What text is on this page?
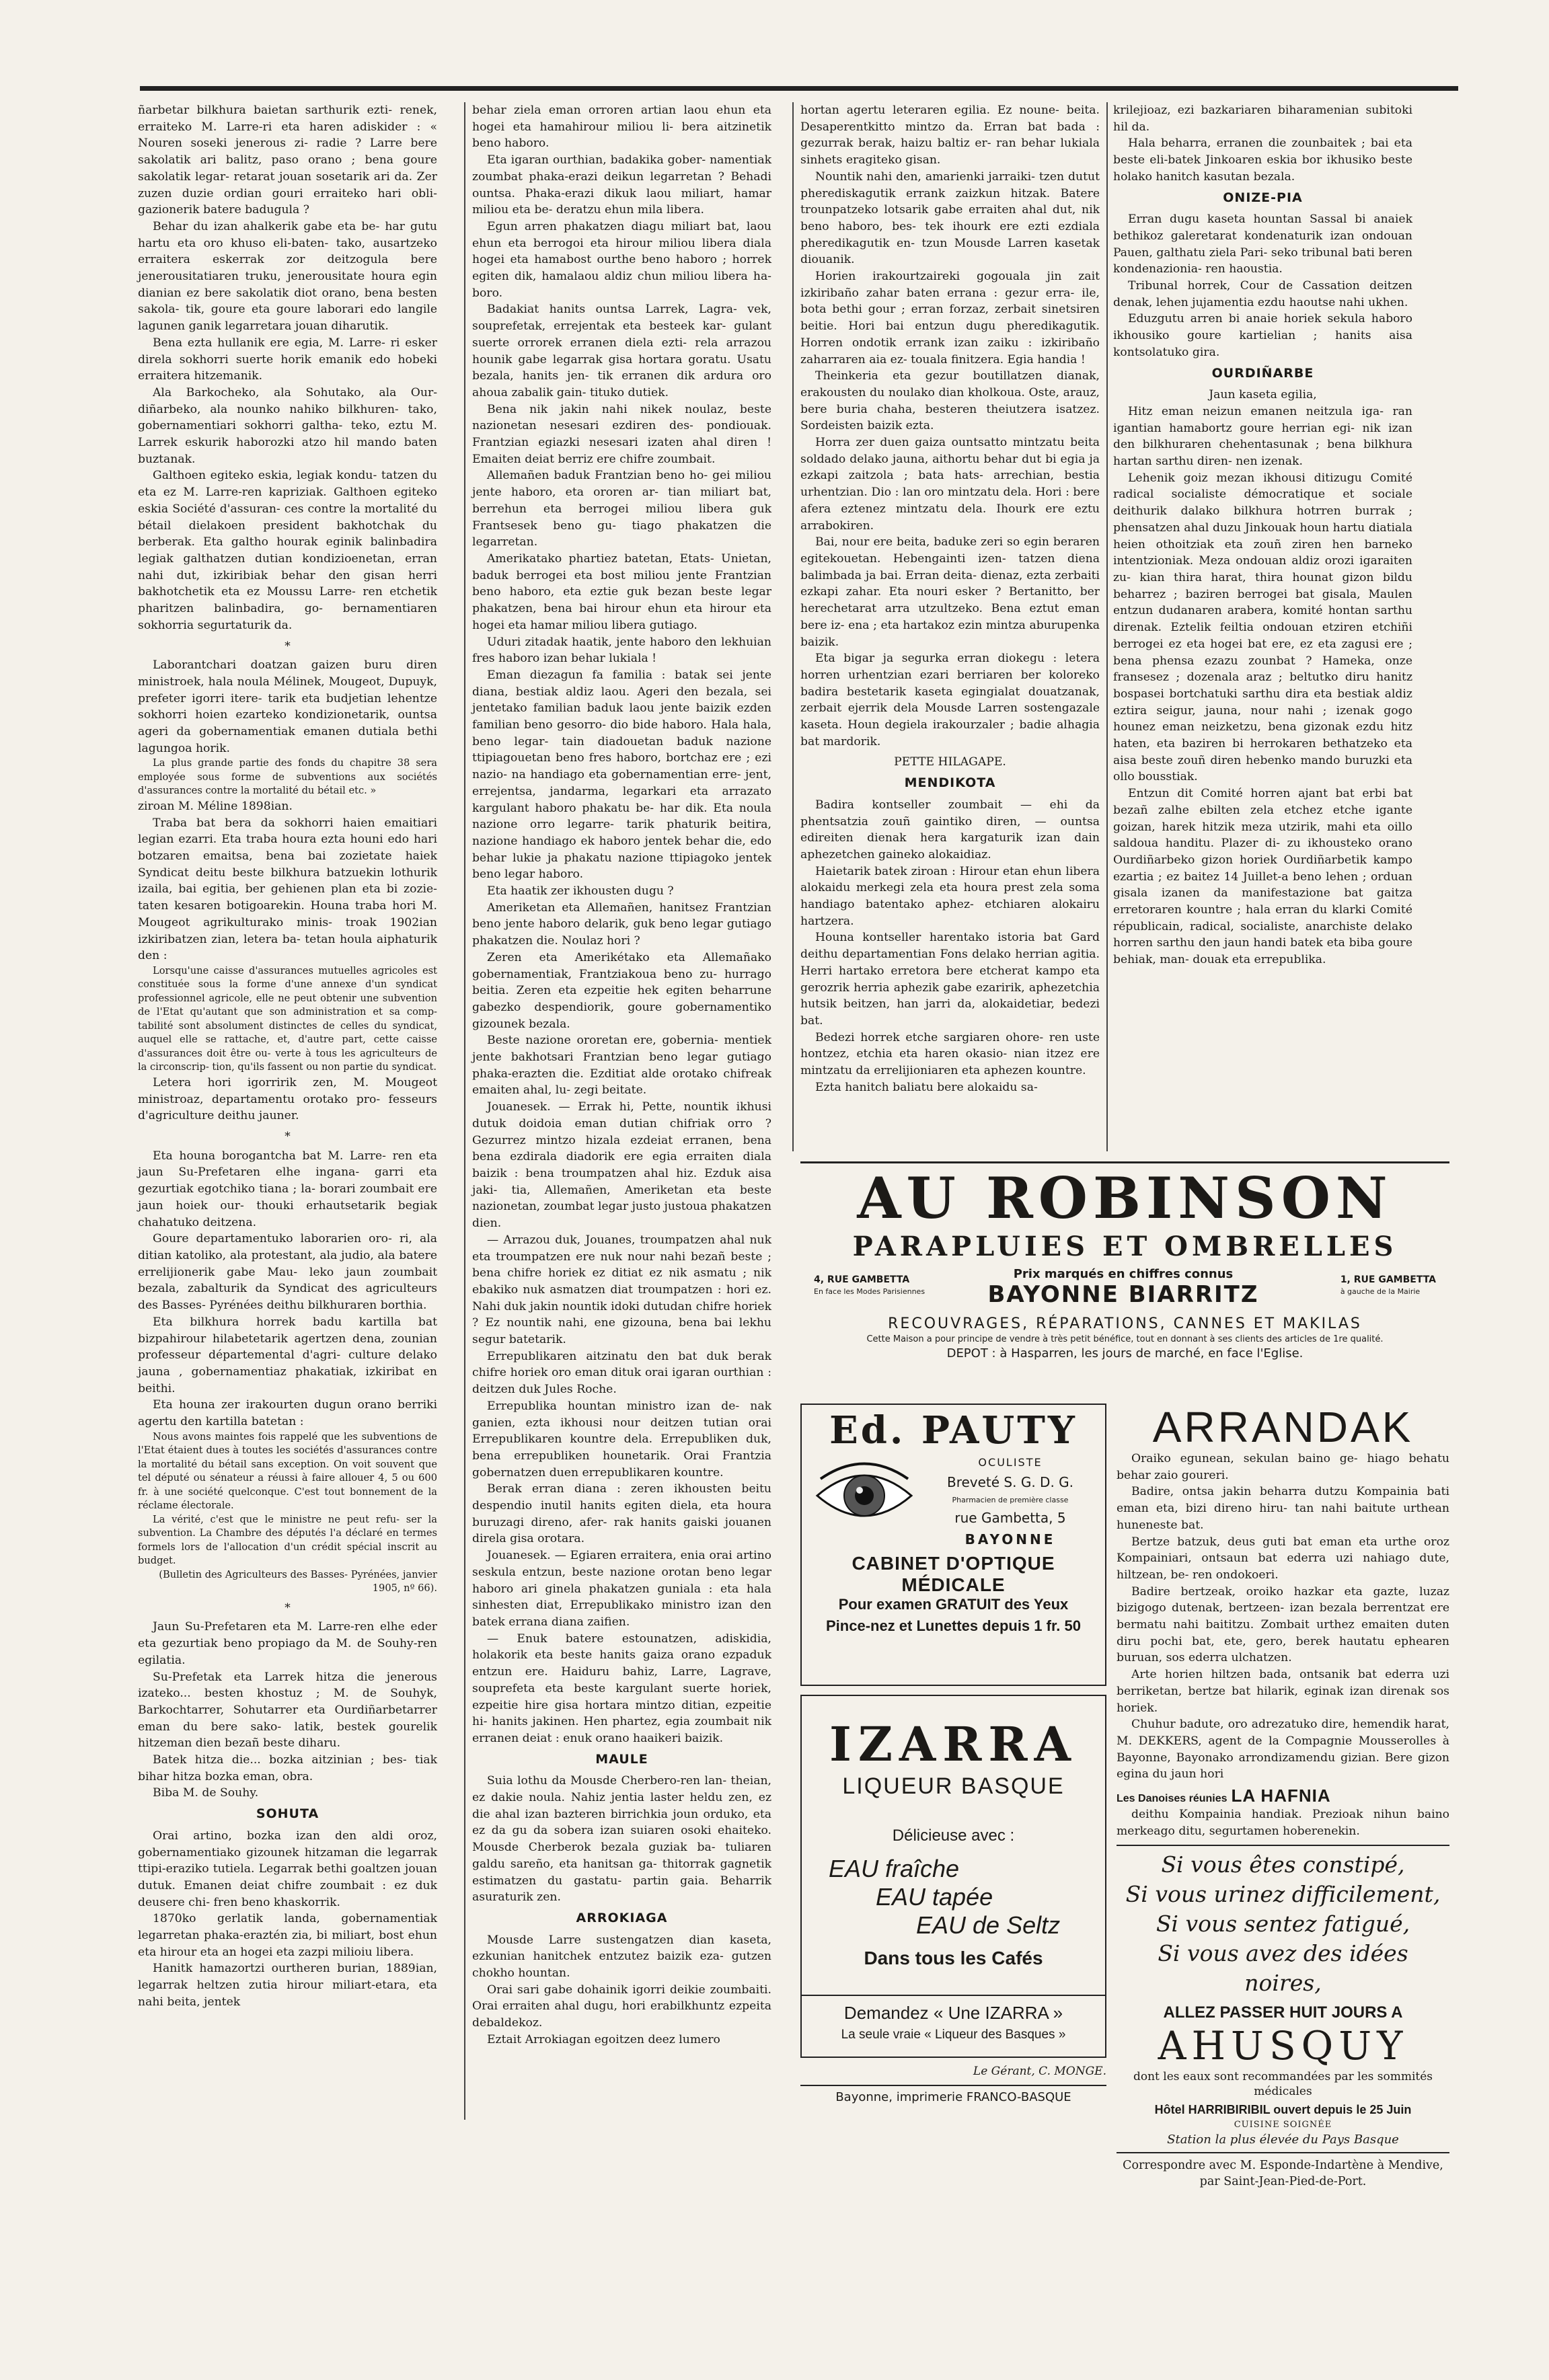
ñarbetar bilkhura baietan sarthurik ezti- renek, erraiteko M. Larre-ri eta haren adiskider : « Nouren soseki jenerous zi- radie ? Larre bere sakolatik ari balitz, paso orano ; bena goure sakolatik legar- retarat jouan sosetarik ari da. Zer zuzen duzie ordian gouri erraiteko hari obli- gazionerik batere badugula ?

Behar du izan ahalkerik gabe eta be- har gutu hartu eta oro khuso eli-baten- tako, ausartzeko erraitera eskerrak zor deitzogula bere jenerousitatiaren truku, jenerousitate houra egin dianian ez bere sakolatik diot orano, bena besten sakola- tik, goure eta goure laborari edo langile lagunen ganik legarretara jouan diharutik.

Bena ezta hullanik ere egia, M. Larre- ri esker direla sokhorri suerte horik emanik edo hobeki erraitera hitzemanik.

Ala Barkocheko, ala Sohutako, ala Our- diñarbeko, ala nounko nahiko bilkhuren- tako, gobernamentiari sokhorri galtha- teko, eztu M. Larrek eskurik haborozki atzo hil mando baten buztanak.

Galthoen egiteko eskia, legiak kondu- tatzen du eta ez M. Larre-ren kapriziak. Galthoen egiteko eskia Société d'assuran- ces contre la mortalité du bétail dielakoen president bakhotchak du berberak. Eta galtho hourak eginik balinbadira legiak galthatzen dutian kondizioenetan, erran nahi dut, izkiribiak behar den gisan herri bakhotchetik eta ez Moussu Larre- ren etchetik pharitzen balinbadira, go- bernamentiaren sokhorria segurtaturik da.

*

Laborantchari doatzan gaizen buru diren ministroek, hala noula Mélinek, Mougeot, Dupuyk, prefeter igorri itere- tarik eta budjetian lehentze sokhorri hoien ezarteko kondizionetarik, ountsa ageri da gobernamentiak emanen dutiala bethi lagungoa horik.

La plus grande partie des fonds du chapitre 38 sera employée sous forme de subventions aux sociétés d'assurances contre la mortalité du bétail etc. »

ziroan M. Méline 1898ian.

Traba bat bera da sokhorri haien emaitiari legian ezarri. Eta traba houra ezta houni edo hari botzaren emaitsa, bena bai zozietate haiek Syndicat deitu beste bilkhura batzuekin lothurik izaila, bai egitia, ber gehienen plan eta bi zozie- taten kesaren botigoarekin. Houna traba hori M. Mougeot agrikulturako minis- troak 1902ian izkiribatzen zian, letera ba- tetan houla aiphaturik den :

Lorsqu'une caisse d'assurances mutuelles agricoles est constituée sous la forme d'une annexe d'un syndicat professionnel agricole, elle ne peut obtenir une subvention de l'Etat qu'autant que son administration et sa comp- tabilité sont absolument distinctes de celles du syndicat, auquel elle se rattache, et, d'autre part, cette caisse d'assurances doit être ou- verte à tous les agriculteurs de la circonscrip- tion, qu'ils fassent ou non partie du syndicat.

Letera hori igorririk zen, M. Mougeot ministroaz, departamentu orotako pro- fesseurs d'agriculture deithu jauner.

*

Eta houna borogantcha bat M. Larre- ren eta jaun Su-Prefetaren elhe ingana- garri eta gezurtiak egotchiko tiana ; la- borari zoumbait ere jaun hoiek our- thouki erhautsetarik begiak chahatuko deitzena.

Goure departamentuko laborarien oro- ri, ala ditian katoliko, ala protestant, ala judio, ala batere errelijionerik gabe Mau- leko jaun zoumbait bezala, zabalturik da Syndicat des agriculteurs des Basses- Pyrénées deithu bilkhuraren borthia.

Eta bilkhura horrek badu kartilla bat bizpahirour hilabetetarik agertzen dena, zounian professeur départemental d'agri- culture delako jauna , gobernamentiaz phakatiak, izkiribat en beithi.

Eta houna zer irakourten dugun orano berriki agertu den kartilla batetan :

Nous avons maintes fois rappelé que les subventions de l'Etat étaient dues à toutes les sociétés d'assurances contre la mortalité du bétail sans exception. On voit souvent que tel député ou sénateur a réussi à faire allouer 4, 5 ou 600 fr. à une société quelconque. C'est tout bonnement de la réclame électorale.

La vérité, c'est que le ministre ne peut refu- ser la subvention. La Chambre des députés l'a déclaré en termes formels lors de l'allocation d'un crédit spécial inscrit au budget.

(Bulletin des Agriculteurs des Basses- Pyrénées, janvier 1905, nº 66).

*

Jaun Su-Prefetaren eta M. Larre-ren elhe eder eta gezurtiak beno propiago da M. de Souhy-ren egilatia.

Su-Prefetak eta Larrek hitza die jenerous izateko... besten khostuz ; M. de Souhyk, Barkochtarrer, Sohutarrer eta Ourdiñarbetarrer eman du bere sako- latik, bestek gourelik hitzeman dien bezañ beste diharu.

Batek hitza die... bozka aitzinian ; bes- tiak bihar hitza bozka eman, obra.

Biba M. de Souhy.

SOHUTA

Orai artino, bozka izan den aldi oroz, gobernamentiako gizounek hitzaman die legarrak ttipi-eraziko tutiela. Legarrak bethi goaltzen jouan dutuk. Emanen deiat chifre zoumbait : ez duk deusere chi- fren beno khaskorrik.

1870ko gerlatik landa, gobernamentiak legarretan phaka-eraztén zia, bi miliart, bost ehun eta hirour eta an hogei eta zazpi milioiu libera.

Hanitk hamazortzi ourtheren burian, 1889ian, legarrak heltzen zutia hirour miliart-etara, eta nahi beita, jentek

behar ziela eman orroren artian laou ehun eta hogei eta hamahirour miliou li- bera aitzinetik beno haboro.

Eta igaran ourthian, badakika gober- namentiak zoumbat phaka-erazi deikun legarretan ? Behadi ountsa. Phaka-erazi dikuk laou miliart, hamar miliou eta be- deratzu ehun mila libera.

Egun arren phakatzen diagu miliart bat, laou ehun eta berrogoi eta hirour miliou libera diala hogei eta hamabost ourthe beno haboro ; horrek egiten dik, hamalaou aldiz chun miliou libera ha- boro.

Badakiat hanits ountsa Larrek, Lagra- vek, souprefetak, errejentak eta besteek kar- gulant suerte orrorek erranen diela ezti- rela arrazou hounik gabe legarrak gisa hortara goratu. Usatu bezala, hanits jen- tik erranen dik ardura oro ahoua zabalik gain- tituko dutiek.

Bena nik jakin nahi nikek noulaz, beste nazionetan nesesari ezdiren des- pondiouak. Frantzian egiazki nesesari izaten ahal diren ! Emaiten deiat berriz ere chifre zoumbait.

Allemañen baduk Frantzian beno ho- gei miliou jente haboro, eta ororen ar- tian miliart bat, berrehun eta berrogei miliou libera guk Frantsesek beno gu- tiago phakatzen die legarretan.

Amerikatako phartiez batetan, Etats- Unietan, baduk berrogei eta bost miliou jente Frantzian beno haboro, eta eztie guk bezan beste legar phakatzen, bena bai hirour ehun eta hirour eta hogei eta hamar miliou libera gutiago.

Uduri zitadak haatik, jente haboro den lekhuian fres haboro izan behar lukiala !

Eman diezagun fa familia : batak sei jente diana, bestiak aldiz laou. Ageri den bezala, sei jentetako familian baduk laou jente baizik ezden familian beno gesorro- dio bide haboro. Hala hala, beno legar- tain diadouetan baduk nazione ttipiagouetan beno fres haboro, bortchaz ere ; ezi nazio- na handiago eta gobernamentian erre- jent, errejentsa, jandarma, legarkari eta arrazato kargulant haboro phakatu be- har dik. Eta noula nazione orro legarre- tarik phaturik beitira, nazione handiago ek haboro jentek behar die, edo behar lukie ja phakatu nazione ttipiagoko jentek beno legar haboro.

Eta haatik zer ikhousten dugu ?

Ameriketan eta Allemañen, hanitsez Frantzian beno jente haboro delarik, guk beno legar gutiago phakatzen die. Noulaz hori ?

Zeren eta Amerikétako eta Allemañako gobernamentiak, Frantziakoua beno zu- hurrago beitia. Zeren eta ezpeitie hek egiten beharrune gabezko despendiorik, goure gobernamentiko gizounek bezala.

Beste nazione ororetan ere, gobernia- mentiek jente bakhotsari Frantzian beno legar gutiago phaka-erazten die. Ezditiat alde orotako chifreak emaiten ahal, lu- zegi beitate.

Jouanesek. — Errak hi, Pette, nountik ikhusi dutuk doidoia eman dutian chifriak orro ? Gezurrez mintzo hizala ezdeiat erranen, bena bena ezdirala diadorik ere egia erraiten diala baizik : bena troumpatzen ahal hiz. Ezduk aisa jaki- tia, Allemañen, Ameriketan eta beste nazionetan, zoumbat legar justo justoua phakatzen dien.

— Arrazou duk, Jouanes, troumpatzen ahal nuk eta troumpatzen ere nuk nour nahi bezañ beste ; bena chifre horiek ez ditiat ez nik asmatu ; nik ebakiko nuk asmatzen diat troumpatzen : hori ez. Nahi duk jakin nountik idoki dutudan chifre horiek ? Ez nountik nahi, ene gizouna, bena bai lekhu segur batetarik.

Errepublikaren aitzinatu den bat duk berak chifre horiek oro eman dituk orai igaran ourthian : deitzen duk Jules Roche.

Errepublika hountan ministro izan de- nak ganien, ezta ikhousi nour deitzen tutian orai Errepublikaren kountre dela. Errepubliken duk, bena errepubliken hounetarik. Orai Frantzia gobernatzen duen errepublikaren kountre.

Berak erran diana : zeren ikhousten beitu despendio inutil hanits egiten diela, eta houra buruzagi direno, afer- rak hanits gaiski jouanen direla gisa orotara.

Jouanesek. — Egiaren erraitera, enia orai artino seskula entzun, beste nazione orotan beno legar haboro ari ginela phakatzen guniala : eta hala sinhesten diat, Errepublikako ministro izan den batek errana diana zaifien.

— Enuk batere estounatzen, adiskidia, holakorik eta beste hanits gaiza orano ezpaduk entzun ere. Haiduru bahiz, Larre, Lagrave, souprefeta eta beste kargulant suerte horiek, ezpeitie hire gisa hortara mintzo ditian, ezpeitie hi- hanits jakinen. Hen phartez, egia zoumbait nik erranen deiat : enuk orano haaikeri baizik.

MAULE

Suia lothu da Mousde Cherbero-ren lan- theian, ez dakie noula. Nahiz jentia laster heldu zen, ez die ahal izan bazteren birrichkia joun orduko, eta ez da gu da sobera izan suiaren osoki ehaiteko. Mousde Cherberok bezala guziak ba- tuliaren galdu sareño, eta hanitsan ga- thitorrak gagnetik estimatzen du gastatu- partin gaia. Beharrik asuraturik zen.

ARROKIAGA

Mousde Larre sustengatzen dian kaseta, ezkunian hanitchek entzutez baizik eza- gutzen chokho hountan.

Orai sari gabe dohainik igorri deikie zoumbaiti. Orai erraiten ahal dugu, hori erabilkhuntz ezpeita debaldekoz.

Eztait Arrokiagan egoitzen deez lumero

hortan agertu leteraren egilia. Ez noune- beita. Desaperentkitto mintzo da. Erran bat bada : gezurrak berak, haizu baltiz er- ran behar lukiala sinhets eragiteko gisan.

Nountik nahi den, amarienki jarraiki- tzen dutut pherediskagutik errank zaizkun hitzak. Batere trounpatzeko lotsarik gabe erraiten ahal dut, nik beno haboro, bes- tek ihourk ere ezti ezdiala pheredikagutik en- tzun Mousde Larren kasetak diouanik.

Horien irakourtzaireki gogouala jin zait izkiribaño zahar baten errana : gezur erra- ile, bota bethi gour ; erran forzaz, zerbait sinetsiren beitie. Hori bai entzun dugu pheredikagutik. Horren ondotik errank izan zaiku : izkiribaño zaharraren aia ez- touala finitzera. Egia handia !

Theinkeria eta gezur boutillatzen dianak, erakousten du noulako dian kholkoua. Oste, arauz, bere buria chaha, besteren theiutzera isatzez. Sordeisten baizik ezta.

Horra zer duen gaiza ountsatto mintzatu beita soldado delako jauna, aithortu behar dut bi egia ja ezkapi zaitzola ; bata hats- arrechian, bestia urhentzian. Dio : lan oro mintzatu dela. Hori : bere afera eztenez mintzatu dela. Ihourk ere eztu arrabokiren.

Bai, nour ere beita, baduke zeri so egin beraren egitekouetan. Hebengainti izen- tatzen diena balimbada ja bai. Erran deita- dienaz, ezta zerbaiti ezkapi zahar. Eta nouri esker ? Bertanitto, ber herechetarat arra utzultzeko. Bena eztut eman bere iz- ena ; eta hartakoz ezin mintza aburupenka baizik.

Eta bigar ja segurka erran diokegu : letera horren urhentzian ezari berriaren ber koloreko badira bestetarik kaseta egingialat douatzanak, zerbait ejerrik dela Mousde Larren sostengazale kaseta. Houn degiela irakourzaler ; badie alhagia bat mardorik.

PETTE HILAGAPE.

MENDIKOTA

Badira kontseller zoumbait — ehi da phentsatzia zouñ gaintiko diren, — ountsa edireiten dienak hera kargaturik izan dain aphezetchen gaineko alokaidiaz.

Haietarik batek ziroan : Hirour etan ehun libera alokaidu merkegi zela eta houra prest zela soma handiago batentako aphez- etchiaren alokairu hartzera.

Houna kontseller harentako istoria bat Gard deithu departamentian Fons delako herrian agitia. Herri hartako erretora bere etcherat kampo eta gerozrik herria aphezik gabe ezaririk, aphezetchia hutsik beitzen, han jarri da, alokaidetiar, bedezi bat.

Bedezi horrek etche sargiaren ohore- ren uste hontzez, etchia eta haren okasio- nian itzez ere mintzatu da errelijioniaren eta aphezen kountre.

Ezta hanitch baliatu bere alokaidu sa-

krilejioaz, ezi bazkariaren biharamenian subitoki hil da.

Hala beharra, erranen die zounbaitek ; bai eta beste eli-batek Jinkoaren eskia bor ikhusiko beste holako hanitch kasutan bezala.

ONIZE-PIA

Erran dugu kaseta hountan Sassal bi anaiek bethikoz galeretarat kondenaturik izan ondouan Pauen, galthatu ziela Pari- seko tribunal bati beren kondenazionia- ren haoustia.

Tribunal horrek, Cour de Cassation deitzen denak, lehen jujamentia ezdu haoutse nahi ukhen.

Eduzgutu arren bi anaie horiek sekula haboro ikhousiko goure kartielian ; hanits aisa kontsolatuko gira.

OURDIÑARBE

Jaun kaseta egilia,

Hitz eman neizun emanen neitzula iga- ran igantian hamabortz goure herrian egi- nik izan den bilkhuraren chehentasunak ; bena bilkhura hartan sarthu diren- nen izenak.

Lehenik goiz mezan ikhousi ditizugu Comité radical socialiste démocratique et sociale deithurik dalako bilkhura hotrren burrak ; phensatzen ahal duzu Jinkouak houn hartu diatiala heien othoitziak eta zouñ ziren hen barneko intentzioniak. Meza ondouan aldiz orozi igaraiten zu- kian thira harat, thira hounat gizon bildu beharrez ; baziren berrogei bat gisala, Maulen entzun dudanaren arabera, komité hontan sarthu direnak. Eztelik feiltia ondouan etziren etchiñi berrogei ez eta hogei bat ere, ez eta zagusi ere ; bena phensa ezazu zounbat ? Hameka, onze fransesez ; dozenala araz ; beltutko diru hanitz bospasei bortchatuki sarthu dira eta bestiak aldiz eztira seigur, jauna, nour nahi ; izenak gogo hounez eman neizketzu, bena gizonak ezdu hitz haten, eta baziren bi herrokaren bethatzeko eta aisa beste zouñ diren hebenko mando buruzki eta ollo bousstiak.

Entzun dit Comité horren ajant bat erbi bat bezañ zalhe ebilten zela etchez etche igante goizan, harek hitzik meza utzirik, mahi eta oillo saldoua handitu. Plazer di- zu ikhousteko orano Ourdiñarbeko gizon horiek Ourdiñarbetik kampo ezartia ; ez baitez 14 Juillet-a beno lehen ; orduan gisala izanen da manifestazione bat gaitza erretoraren kountre ; hala erran du klarki Comité républicain, radical, socialiste, anarchiste delako horren sarthu den jaun handi batek eta biba goure behiak, man- douak eta errepublika.

AU ROBINSON
PARAPLUIES ET OMBRELLES
4, RUE GAMBETTA
En face les Modes Parisiennes
Prix marqués en chiffres connus
BAYONNE BIARRITZ
1, RUE GAMBETTA
à gauche de la Mairie
RECOUVRAGES, RÉPARATIONS, CANNES ET MAKILAS
Cette Maison a pour principe de vendre à très petit bénéfice, tout en donnant à ses clients des articles de 1re qualité.
DEPOT : à Hasparren, les jours de marché, en face l'Eglise.
Ed. PAUTY
OCULISTE
Breveté S. G. D. G.
Pharmacien de première classe
rue Gambetta, 5
BAYONNE
CABINET D'OPTIQUE MÉDICALE
Pour examen GRATUIT des Yeux
Pince-nez et Lunettes depuis 1 fr. 50
IZARRA
LIQUEUR BASQUE
Délicieuse avec :
EAU fraîche
EAU tapée
EAU de Seltz
Dans tous les Cafés
Demandez « Une IZARRA »
La seule vraie « Liqueur des Basques »
Le Gérant, C. MONGE.
Bayonne, imprimerie FRANCO-BASQUE
ARRANDAK

Oraiko egunean, sekulan baino ge- hiago behatu behar zaio goureri.

Badire, ontsa jakin beharra dutzu Kompainia bati eman eta, bizi direno hiru- tan nahi baitute urthean huneneste bat.

Bertze batzuk, deus guti bat eman eta urthe oroz Kompainiari, ontsaun bat ederra uzi nahiago dute, hiltzean, be- ren ondokoeri.

Badire bertzeak, oroiko hazkar eta gazte, luzaz bizigogo dutenak, bertzeen- izan bezala berrentzat ere bermatu nahi baititzu. Zombait urthez emaiten duten diru pochi bat, ete, gero, berek hautatu ephearen buruan, sos ederra ulchatzen.

Arte horien hiltzen bada, ontsanik bat ederra uzi berriketan, bertze bat hilarik, eginak izan direnak sos horiek.

Chuhur badute, oro adrezatuko dire, hemendik harat, M. DEKKERS, agent de la Compagnie Mousserolles à Bayonne, Bayonako arrondizamendu gizian. Bere gizon egina du jaun hori

Les Danoises réunies LA HAFNIA

deithu Kompainia handiak. Prezioak nihun baino merkeago ditu, segurtamen hoberenekin.

Si vous êtes constipé,
Si vous urinez difficilement,
Si vous sentez fatigué,
Si vous avez des idées noires,
ALLEZ PASSER HUIT JOURS A
AHUSQUY
dont les eaux sont recommandées par les sommités médicales
Hôtel HARRIBIRIBIL ouvert depuis le 25 Juin
CUISINE SOIGNÉE
Station la plus élevée du Pays Basque
Correspondre avec M. Esponde-Indartène à Mendive, par Saint-Jean-Pied-de-Port.
